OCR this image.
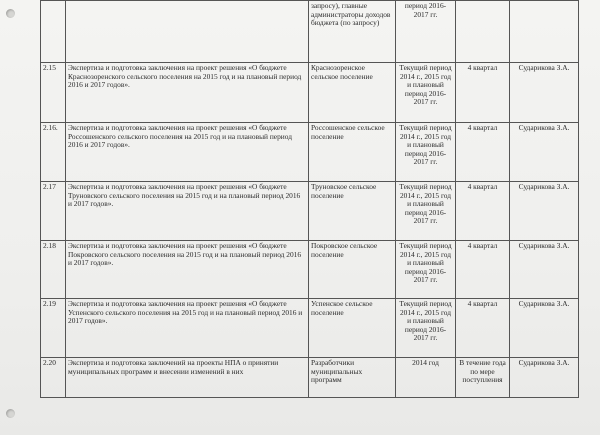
		запросу), главные администраторы доходов бюджета (по запросу)	период 2016-2017 гг.		
2.15	Экспертиза и подготовка заключения на проект решения «О бюджете Краснозоренского сельского поселения на 2015 год и на плановый период 2016 и 2017 годов».	Краснозоренское сельское поселение	Текущий период 2014 г., 2015 год и плановый период 2016-2017 гг.	4 квартал	Сударикова З.А.
2.16.	Экспертиза и подготовка заключения на проект решения «О бюджете Россошенского сельского поселения на 2015 год и на плановый период 2016 и 2017 годов».	Россошенское сельское поселение	Текущий период 2014 г., 2015 год и плановый период 2016-2017 гг.	4 квартал	Сударикова З.А.
2.17	Экспертиза и подготовка заключения на проект решения «О бюджете Труновского сельского поселения на 2015 год и на плановый период 2016 и 2017 годов».	Труновское сельское поселение	Текущий период 2014 г., 2015 год и плановый период 2016-2017 гг.	4 квартал	Сударикова З.А.
2.18	Экспертиза и подготовка заключения на проект решения «О бюджете Покровского сельского поселения на 2015 год и на плановый период 2016 и 2017 годов».	Покровское сельское поселение	Текущий период 2014 г., 2015 год и плановый период 2016-2017 гг.	4 квартал	Сударикова З.А.
2.19	Экспертиза и подготовка заключения на проект решения «О бюджете Успенского сельского поселения на 2015 год и на плановый период 2016 и 2017 годов».	Успенское сельское поселение	Текущий период 2014 г., 2015 год и плановый период 2016-2017 гг.	4 квартал	Сударикова З.А.
2.20	Экспертиза и подготовка заключений на проекты НПА о принятии муниципальных программ и внесении изменений в них	Разработчики муниципальных программ	2014 год	В течение года по мере поступления	Сударикова З.А.
